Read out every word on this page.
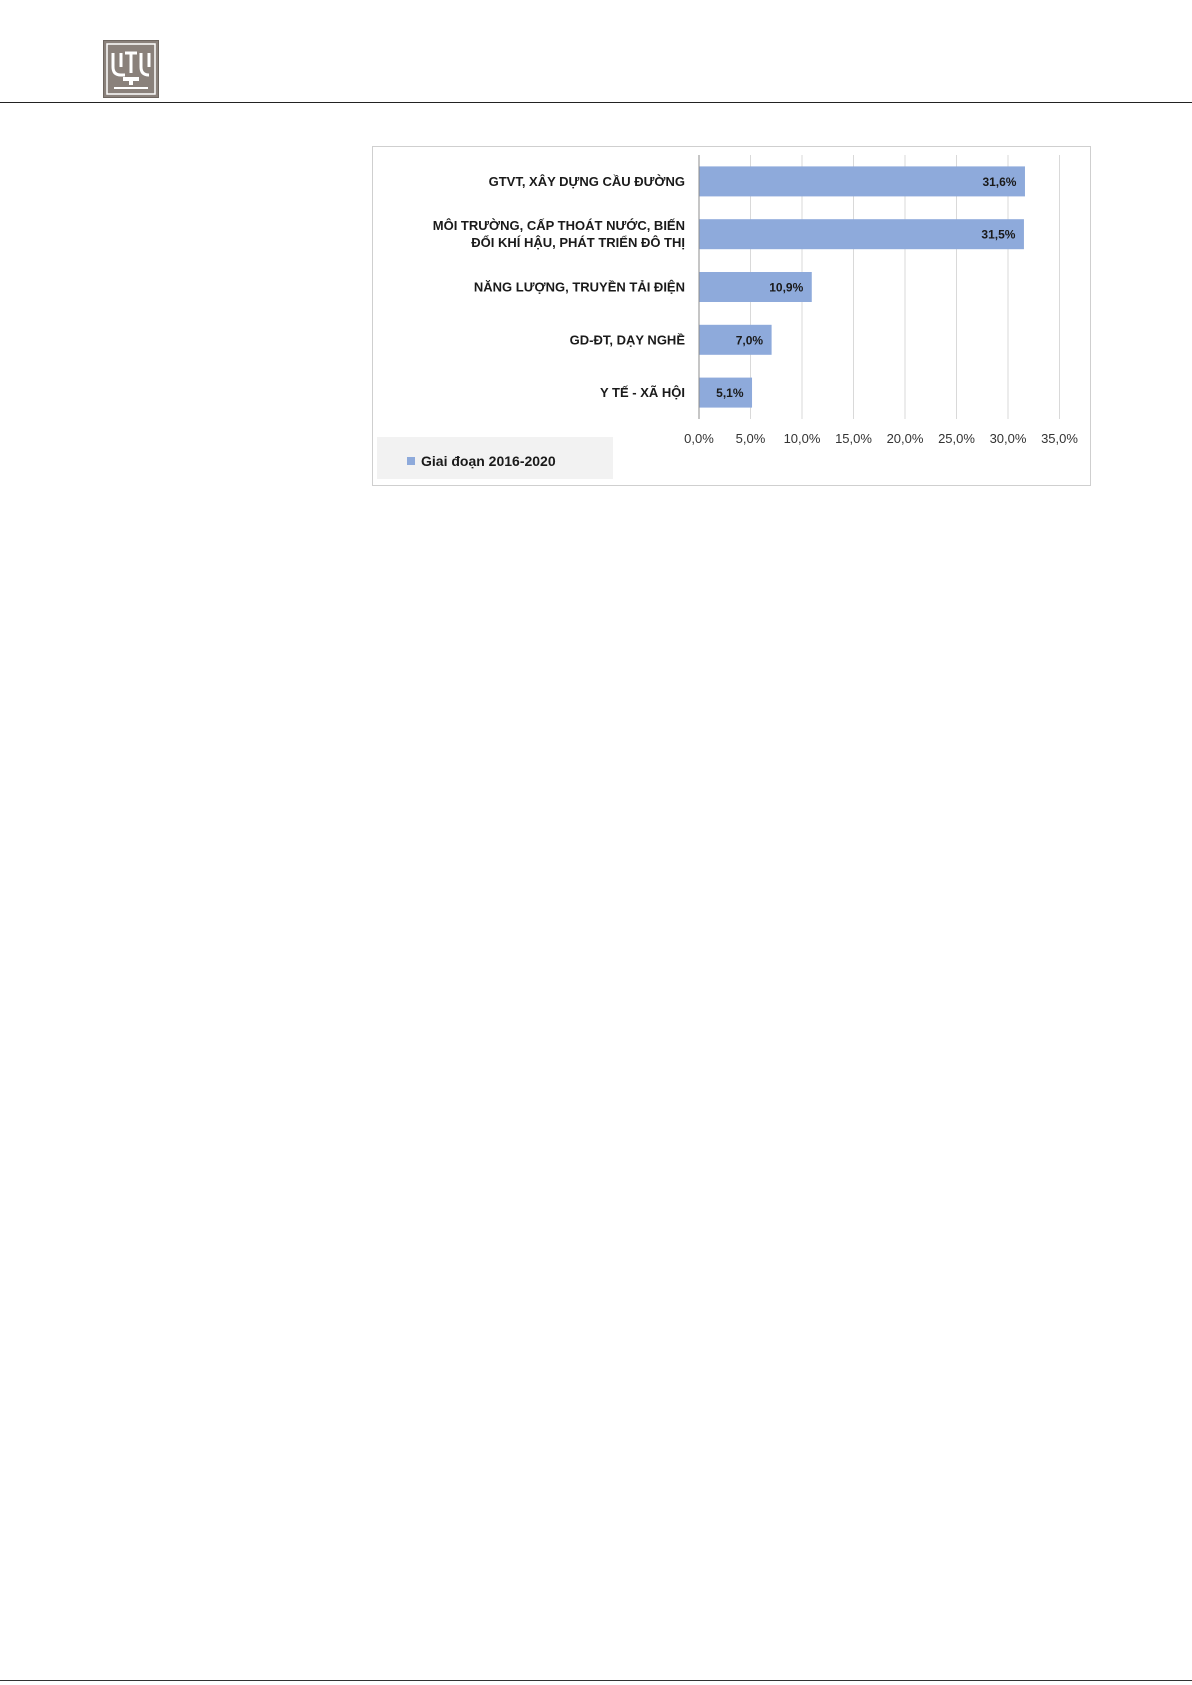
31,6%
31,5%
10,9%
7,0%
5,1%
GTVT, XÂY DỰNG CẦU ĐƯỜNG
MÔI TRƯỜNG, CẤP THOÁT NƯỚC, BIẾN
ĐỔI KHÍ HẬU, PHÁT TRIỂN ĐÔ THỊ
NĂNG LƯỢNG, TRUYỀN TẢI ĐIỆN
GD-ĐT, DẠY NGHỀ
Y TẾ - XÃ HỘI
0,0% 5,0% 10,0% 15,0% 20,0% 25,0% 30,0% 35,0%
Giai đoạn 2016-2020
